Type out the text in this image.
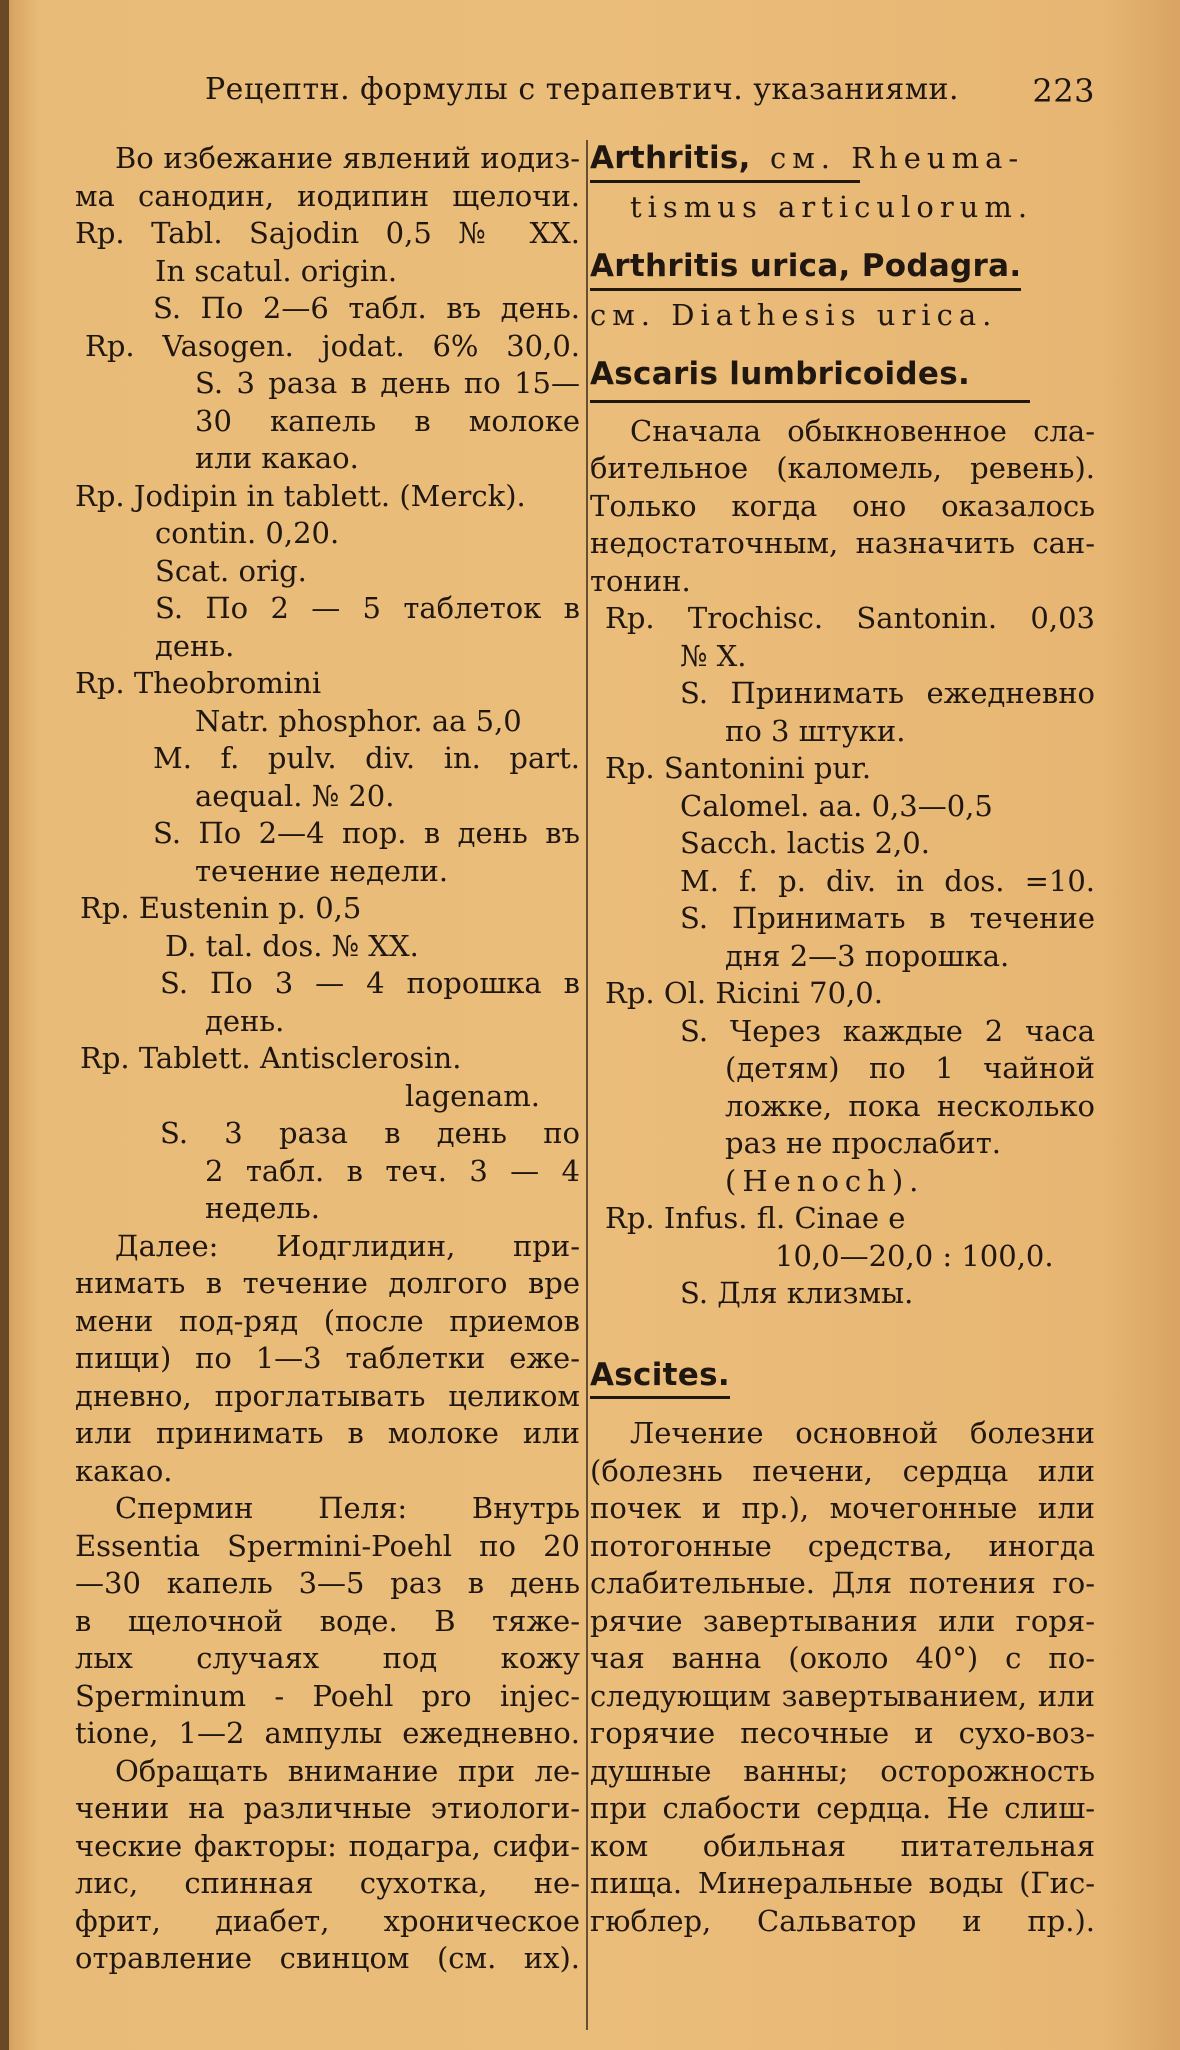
Рецептн. формулы с терапевтич. указаниями. 223
Во избежание явлений иодиз-
ма санодин, иодипин щелочи.
Rp. Tabl. Sajodin 0,5 № XX.
In scatul. origin.
S. По 2—6 табл. въ день.
Rp. Vasogen. jodat. 6% 30,0.
S. 3 раза в день по 15—
30 капель в молоке
или какао.
Rp. Jodipin in tablett. (Merck).
contin. 0,20.
Scat. orig.
S. По 2 — 5 таблеток в
день.
Rp. Theobromini
Natr. phosphor. aa 5,0
M. f. pulv. div. in. part.
aequal. № 20.
S. По 2—4 пор. в день въ
течение недели.
Rp. Eustenin p. 0,5
D. tal. dos. № XX.
S. По 3 — 4 порошка в
день.
Rp. Tablett. Antisclerosin.
lagenam.
S. 3 раза в день по
2 табл. в теч. 3 — 4
недель.
Далее: Иодглидин, при-
нимать в течение долгого вре
мени под-ряд (после приемов
пищи) по 1—3 таблетки еже-
дневно, проглатывать целиком
или принимать в молоке или
какао.
Спермин Пеля: Внутрь
Essentia Spermini-Poehl по 20
—30 капель 3—5 раз в день
в щелочной воде. В тяже-
лых случаях под кожу
Sperminum - Poehl pro injec-
tione, 1—2 ампулы ежедневно.
Обращать внимание при ле-
чении на различные этиологи-
ческие факторы: подагра, сифи-
лис, спинная сухотка, не-
фрит, диабет, хроническое
отравление свинцом (см. их).
Arthritis, см. Rheuma-
tismus articulorum.
Arthritis urica, Podagra.
см. Diathesis urica.
Ascaris lumbricoides.
Сначала обыкновенное сла-
бительное (каломель, ревень).
Только когда оно оказалось
недостаточным, назначить сан-
тонин.
Rp. Trochisc. Santonin. 0,03
№ X.
S. Принимать ежедневно
по 3 штуки.
Rp. Santonini pur.
Calomel. aa. 0,3—0,5
Sacch. lactis 2,0.
M. f. p. div. in dos. =10.
S. Принимать в течение
дня 2—3 порошка.
Rp. Ol. Ricini 70,0.
S. Через каждые 2 часа
(детям) по 1 чайной
ложке, пока несколько
раз не прослабит.
(Henoch).
Rp. Infus. fl. Cinae e
10,0—20,0 : 100,0.
S. Для клизмы.
Ascites.
Лечение основной болезни
(болезнь печени, сердца или
почек и пр.), мочегонные или
потогонные средства, иногда
слабительные. Для потения го-
рячие завертывания или горя-
чая ванна (около 40°) с по-
следующим завертыванием, или
горячие песочные и сухо-воз-
душные ванны; осторожность
при слабости сердца. Не слиш-
ком обильная питательная
пища. Минеральные воды (Гис-
гюблер, Сальватор и пр.).
